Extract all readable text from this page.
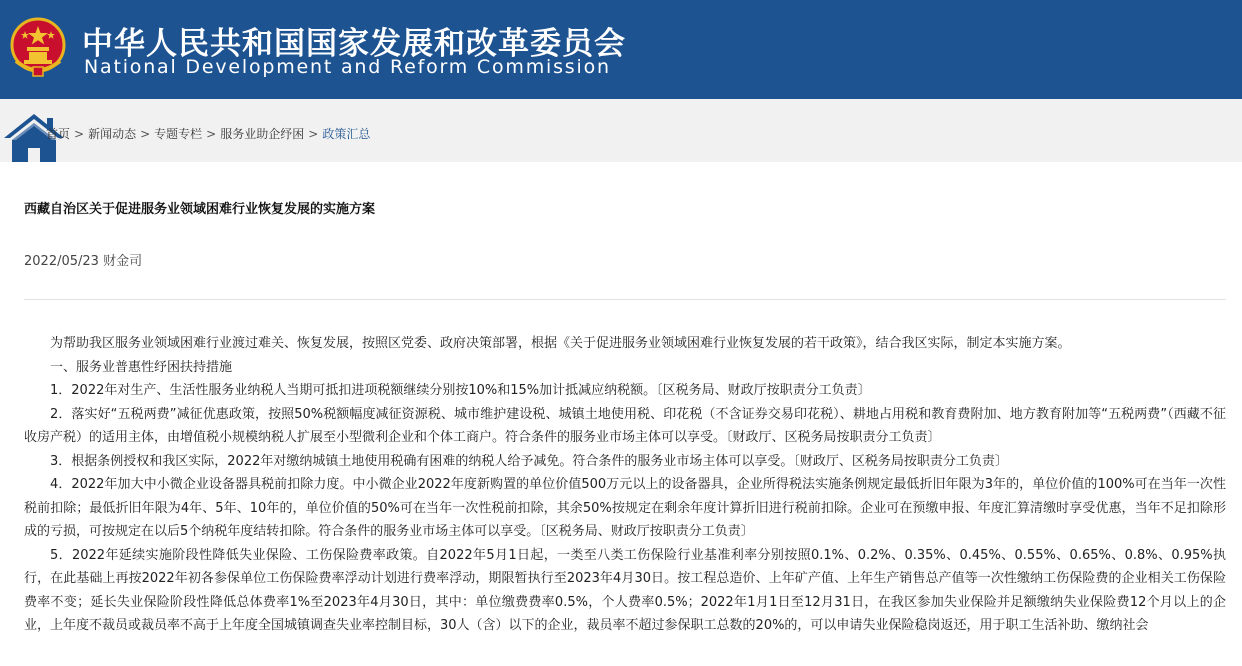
中华人民共和国国家发展和改革委员会
National Development and Reform Commission
首页 > 新闻动态 > 专题专栏 > 服务业助企纾困 > 政策汇总
西藏自治区关于促进服务业领域困难行业恢复发展的实施方案
2022/05/23 财金司

为帮助我区服务业领域困难行业渡过难关、恢复发展，按照区党委、政府决策部署，根据《关于促进服务业领域困难行业恢复发展的若干政策》，结合我区实际，制定本实施方案。

一、服务业普惠性纾困扶持措施

1．2022年对生产、生活性服务业纳税人当期可抵扣进项税额继续分别按10%和15%加计抵减应纳税额。〔区税务局、财政厅按职责分工负责〕

2．落实好“五税两费”减征优惠政策，按照50%税额幅度减征资源税、城市维护建设税、城镇土地使用税、印花税（不含证券交易印花税）、耕地占用税和教育费附加、地方教育附加等“五税两费”（西藏不征收房产税）的适用主体，由增值税小规模纳税人扩展至小型微利企业和个体工商户。符合条件的服务业市场主体可以享受。〔财政厅、区税务局按职责分工负责〕

3．根据条例授权和我区实际，2022年对缴纳城镇土地使用税确有困难的纳税人给予减免。符合条件的服务业市场主体可以享受。〔财政厅、区税务局按职责分工负责〕

4．2022年加大中小微企业设备器具税前扣除力度。中小微企业2022年度新购置的单位价值500万元以上的设备器具，企业所得税法实施条例规定最低折旧年限为3年的，单位价值的100%可在当年一次性税前扣除；最低折旧年限为4年、5年、10年的，单位价值的50%可在当年一次性税前扣除，其余50%按规定在剩余年度计算折旧进行税前扣除。企业可在预缴申报、年度汇算清缴时享受优惠，当年不足扣除形成的亏损，可按规定在以后5个纳税年度结转扣除。符合条件的服务业市场主体可以享受。〔区税务局、财政厅按职责分工负责〕

5．2022年延续实施阶段性降低失业保险、工伤保险费率政策。自2022年5月1日起，一类至八类工伤保险行业基准利率分别按照0.1%、0.2%、0.35%、0.45%、0.55%、0.65%、0.8%、0.95%执行，在此基础上再按2022年初各参保单位工伤保险费率浮动计划进行费率浮动，期限暂执行至2023年4月30日。按工程总造价、上年矿产值、上年生产销售总产值等一次性缴纳工伤保险费的企业相关工伤保险费率不变；延长失业保险阶段性降低总体费率1%至2023年4月30日，其中：单位缴费费率0.5%，个人费率0.5%；2022年1月1日至12月31日，在我区参加失业保险并足额缴纳失业保险费12个月以上的企业，上年度不裁员或裁员率不高于上年度全国城镇调查失业率控制目标，30人（含）以下的企业，裁员率不超过参保职工总数的20%的，可以申请失业保险稳岗返还，用于职工生活补助、缴纳社会
